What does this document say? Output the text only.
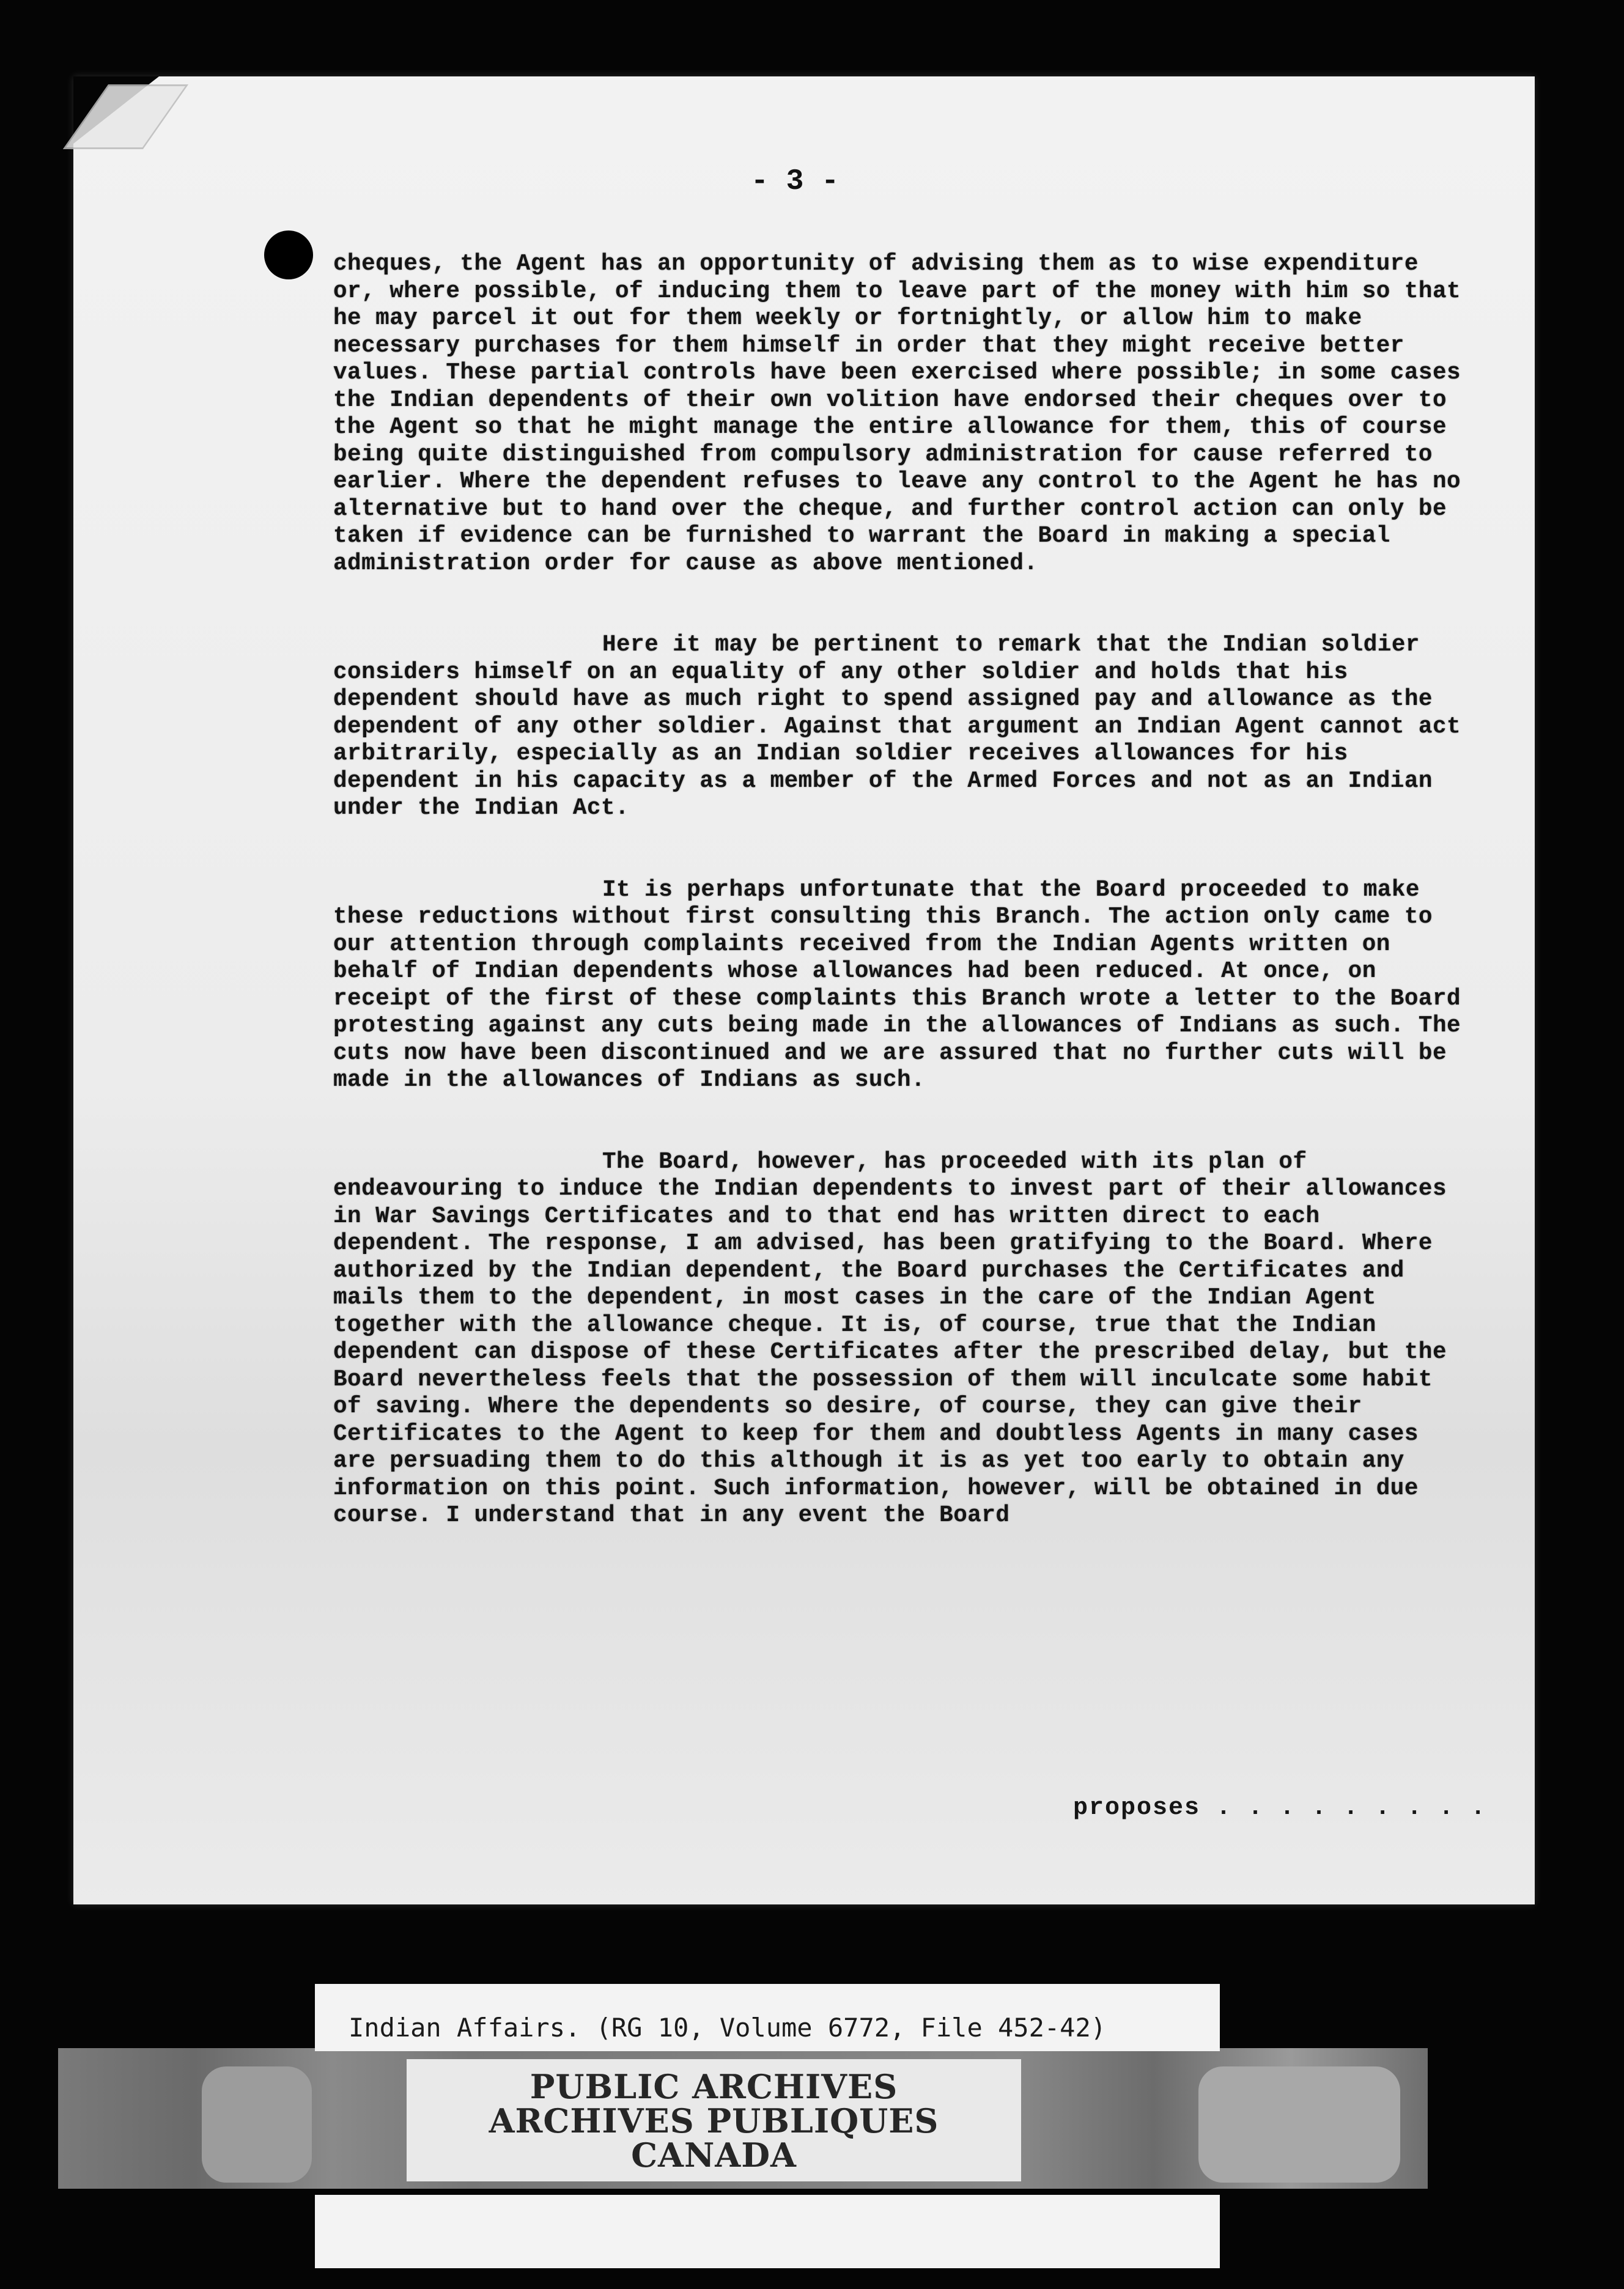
- 3 -

cheques, the Agent has an opportunity of advising them as to wise expenditure or, where possible, of inducing them to leave part of the money with him so that he may parcel it out for them weekly or fortnightly, or allow him to make necessary purchases for them himself in order that they might receive better values. These partial controls have been exercised where possible; in some cases the Indian dependents of their own volition have endorsed their cheques over to the Agent so that he might manage the entire allowance for them, this of course being quite distinguished from compulsory administration for cause referred to earlier. Where the dependent refuses to leave any control to the Agent he has no alternative but to hand over the cheque, and further control action can only be taken if evidence can be furnished to warrant the Board in making a special administration order for cause as above mentioned.

Here it may be pertinent to remark that the Indian soldier considers himself on an equality of any other soldier and holds that his dependent should have as much right to spend assigned pay and allowance as the dependent of any other soldier. Against that argument an Indian Agent cannot act arbitrarily, especially as an Indian soldier receives allowances for his dependent in his capacity as a member of the Armed Forces and not as an Indian under the Indian Act.

It is perhaps unfortunate that the Board proceeded to make these reductions without first consulting this Branch. The action only came to our attention through complaints received from the Indian Agents written on behalf of Indian dependents whose allowances had been reduced. At once, on receipt of the first of these complaints this Branch wrote a letter to the Board protesting against any cuts being made in the allowances of Indians as such. The cuts now have been discontinued and we are assured that no further cuts will be made in the allowances of Indians as such.

The Board, however, has proceeded with its plan of endeavouring to induce the Indian dependents to invest part of their allowances in War Savings Certificates and to that end has written direct to each dependent. The response, I am advised, has been gratifying to the Board. Where authorized by the Indian dependent, the Board purchases the Certificates and mails them to the dependent, in most cases in the care of the Indian Agent together with the allowance cheque. It is, of course, true that the Indian dependent can dispose of these Certificates after the prescribed delay, but the Board nevertheless feels that the possession of them will inculcate some habit of saving. Where the dependents so desire, of course, they can give their Certificates to the Agent to keep for them and doubtless Agents in many cases are persuading them to do this although it is as yet too early to obtain any information on this point. Such information, however, will be obtained in due course. I understand that in any event the Board

proposes . . . . . . . . .
Indian Affairs. (RG 10, Volume 6772, File 452-42)
PUBLIC ARCHIVES
ARCHIVES PUBLIQUES
CANADA
